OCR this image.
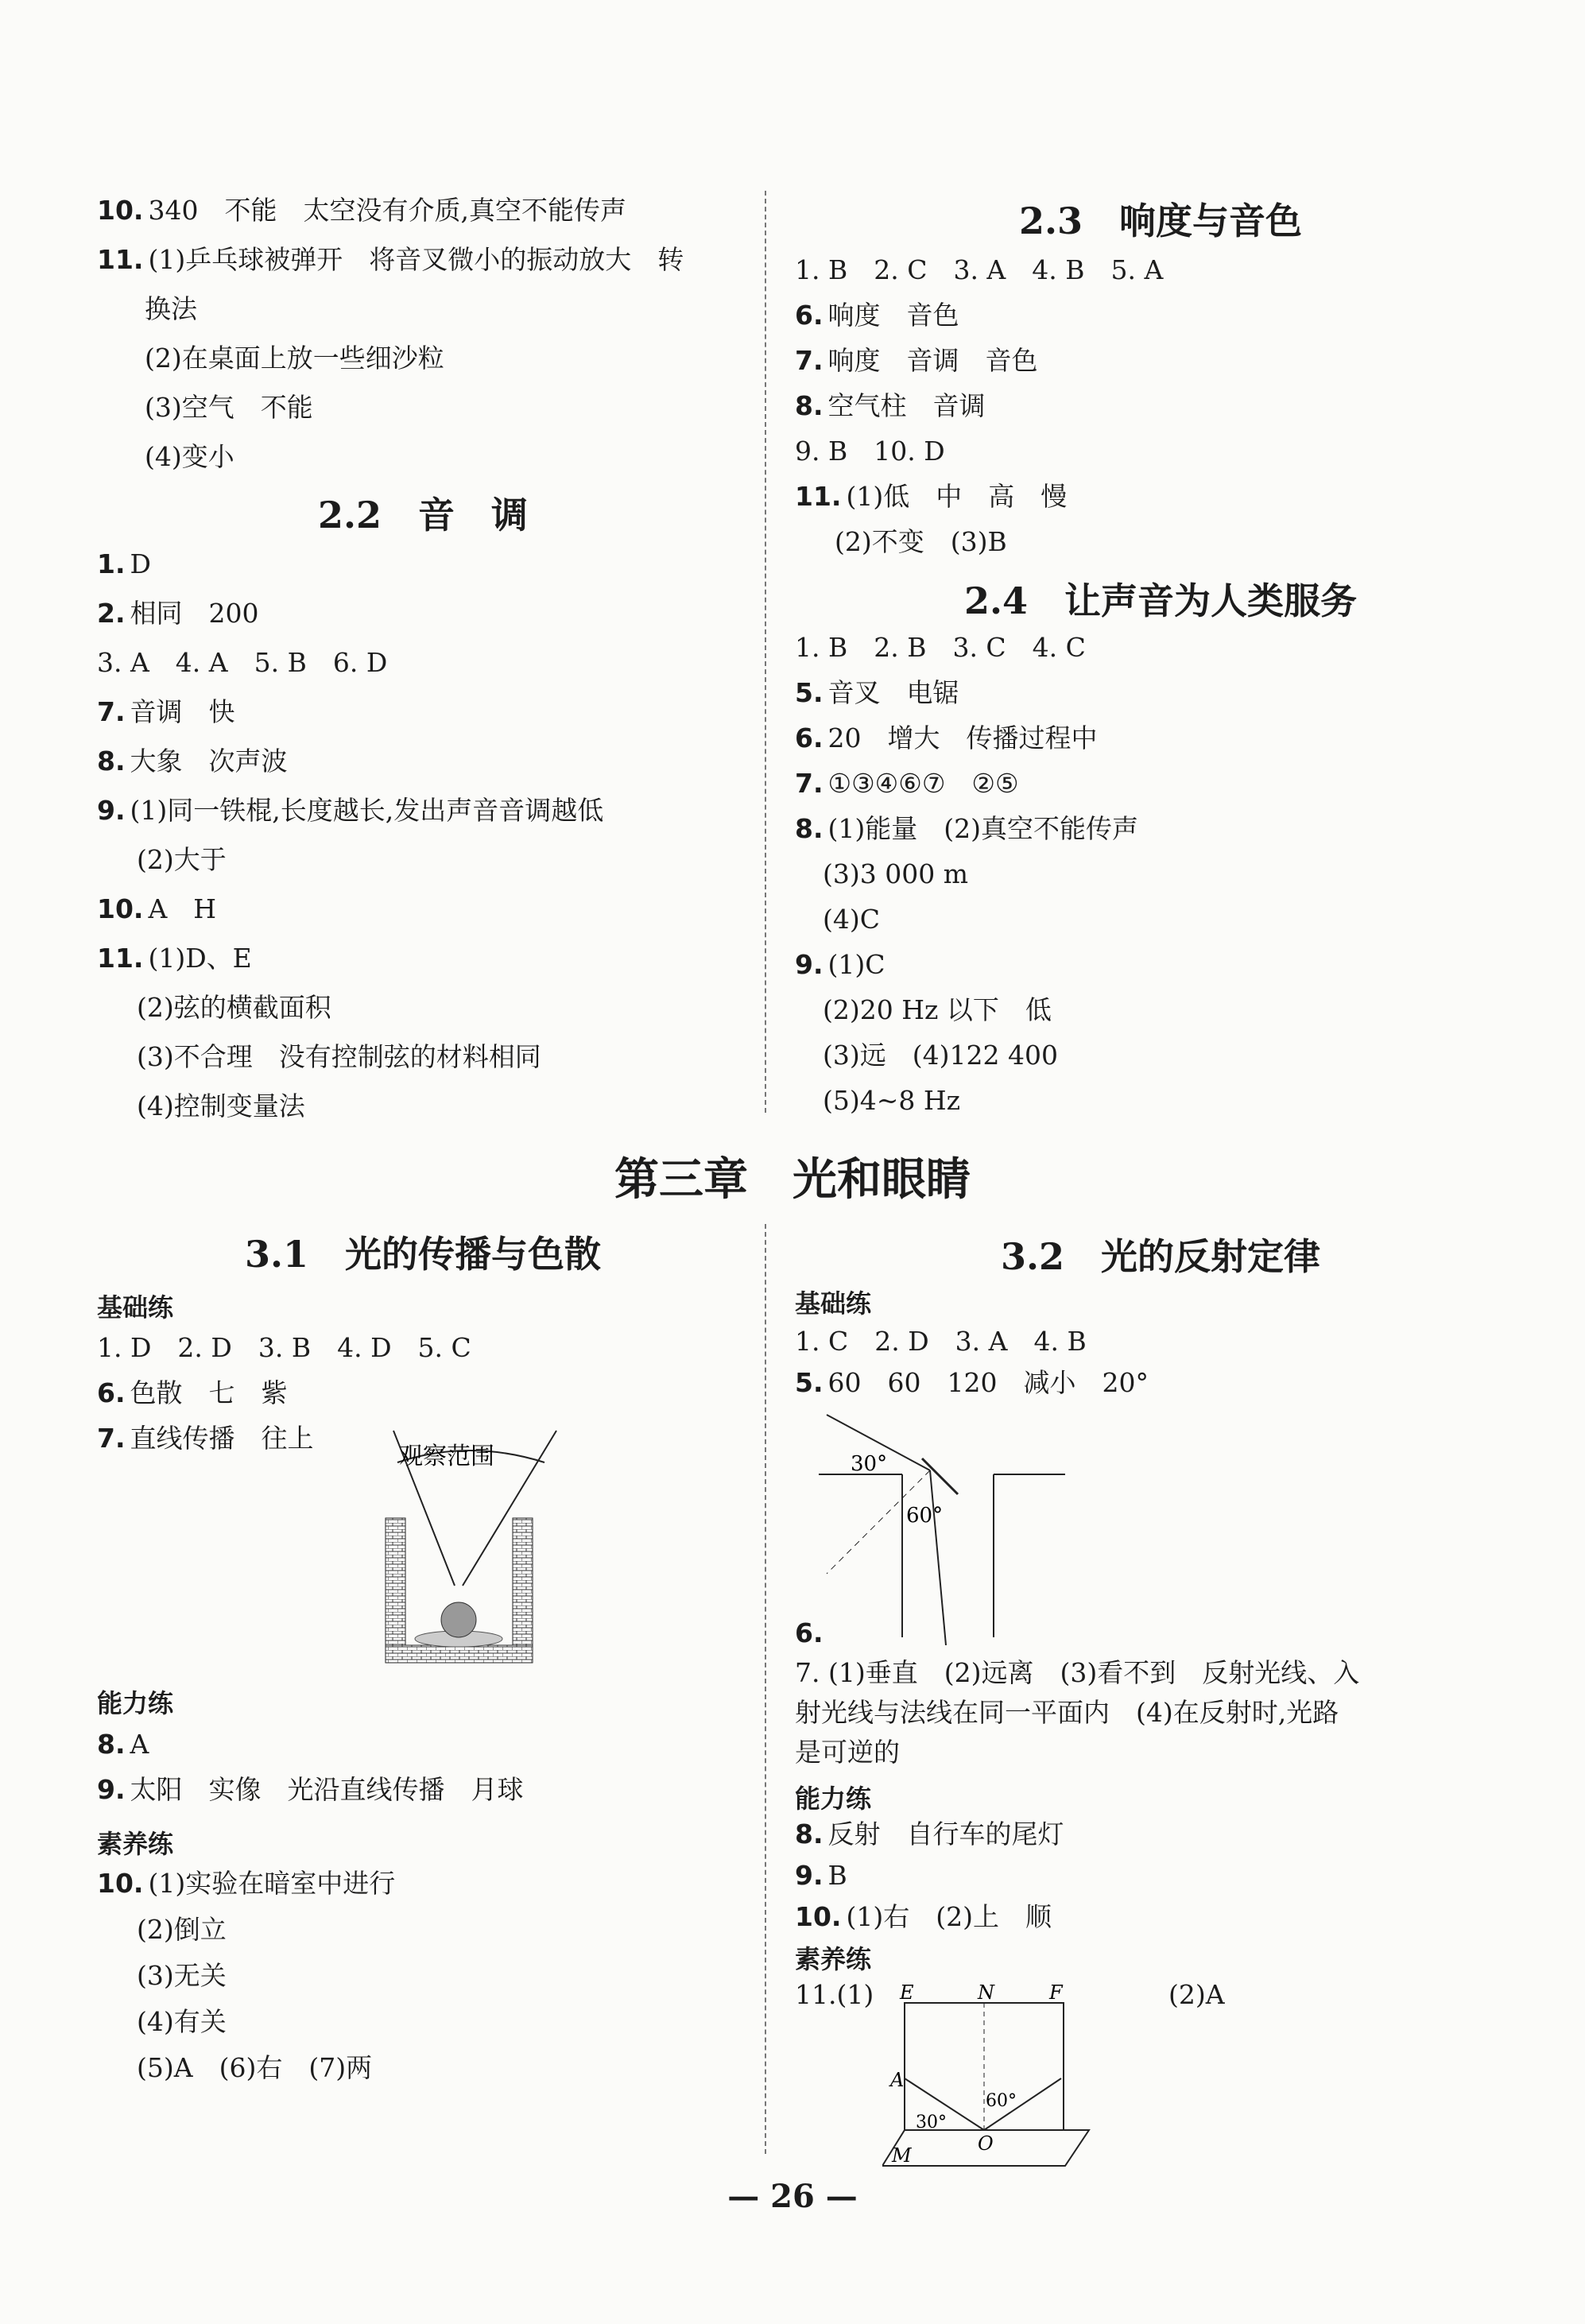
第三章　光和眼睛
观察范围	30°
60°
E	N	F
A
O
M
30°
60°
— 26 —
10. 340　不能　太空没有介质,真空不能传声
11. (1)乒乓球被弹开　将音叉微小的振动放大　转
换法
(2)在桌面上放一些细沙粒
(3)空气　不能
(4)变小
2.2　音　调
1. D
2. 相同　200
3. A　4. A　5. B　6. D
7. 音调　快
8. 大象　次声波
9. (1)同一铁棍,长度越长,发出声音音调越低
(2)大于
10. A　H
11. (1)D、E
(2)弦的横截面积
(3)不合理　没有控制弦的材料相同
(4)控制变量法
2.3　响度与音色
1. B　2. C　3. A　4. B　5. A
6. 响度　音色
7. 响度　音调　音色
8. 空气柱　音调
9. B　10. D
11. (1)低　中　高　慢
(2)不变　(3)B
2.4　让声音为人类服务
1. B　2. B　3. C　4. C
5. 音叉　电锯
6. 20　增大　传播过程中
7. ①③④⑥⑦　②⑤
8. (1)能量　(2)真空不能传声
(3)3 000 m
(4)C
9. (1)C
(2)20 Hz 以下　低
(3)远　(4)122 400
(5)4~8 Hz
3.1　光的传播与色散
基础练
1. D　2. D　3. B　4. D　5. C
6. 色散　七　紫
7. 直线传播　往上
能力练
8. A
9. 太阳　实像　光沿直线传播　月球
素养练
10. (1)实验在暗室中进行
(2)倒立
(3)无关
(4)有关
(5)A　(6)右　(7)两
3.2　光的反射定律
基础练
1. C　2. D　3. A　4. B
5. 60　60　120　减小　20°
6.
7. (1)垂直　(2)远离　(3)看不到　反射光线、入
射光线与法线在同一平面内　(4)在反射时,光路
是可逆的
能力练
8. 反射　自行车的尾灯
9. B
10. (1)右　(2)上　顺
素养练
11.(1)	(2)A
